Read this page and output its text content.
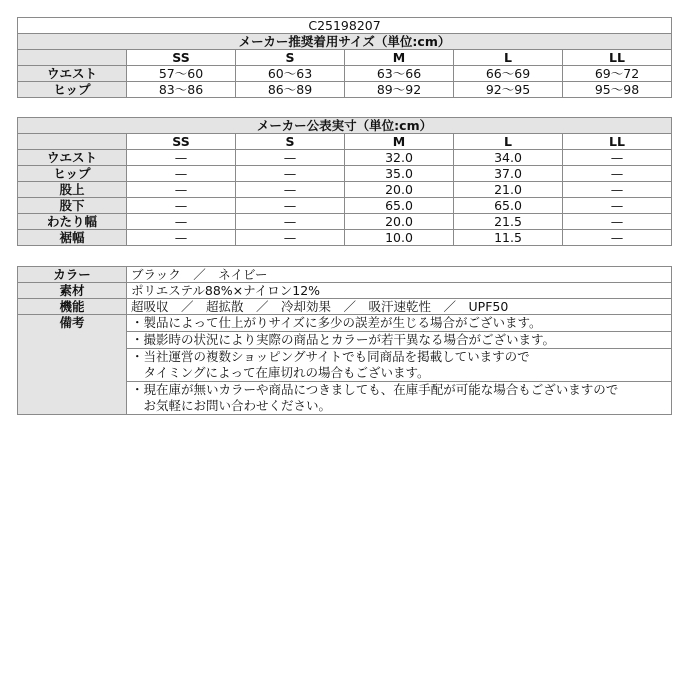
C25198207					
メーカー推奨着用サイズ（単位:cm）					
	SS	S	M	L	LL
ウエスト	57〜60	60〜63	63〜66	66〜69	69〜72
ヒップ	83〜86	86〜89	89〜92	92〜95	95〜98
メーカー公表実寸（単位:cm）					
	SS	S	M	L	LL
ウエスト	—	—	32.0	34.0	—
ヒップ	—	—	35.0	37.0	—
股上	—	—	20.0	21.0	—
股下	—	—	65.0	65.0	—
わたり幅	—	—	20.0	21.5	—
裾幅	—	—	10.0	11.5	—
カラー	ブラック　／　ネイビー
素材	ポリエステル88%×ナイロン12%
機能	超吸収　／　超拡散　／　冷却効果　／　吸汗速乾性　／　UPF50
備考	・製品によって仕上がりサイズに多少の誤差が生じる場合がございます。

	・撮影時の状況により実際の商品とカラーが若干異なる場合がございます。

	・当社運営の複数ショッピングサイトでも同商品を掲載していますので
　タイミングによって在庫切れの場合もございます。

	・現在庫が無いカラーや商品につきましても、在庫手配が可能な場合もございますので
　お気軽にお問い合わせください。
